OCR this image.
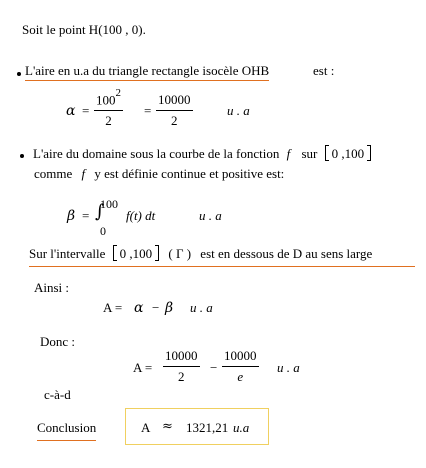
Soit le point H(100 , 0).
L'aire en u.a du triangle rectangle isocèle OHB	est :
$\alpha = \frac{100^2}{2} = \frac{10000}{2}$	u . a
L'aire du domaine sous la courbe de la fonction f sur 0 ,100
comme f y est définie continue et positive est:
β =
100
∫
0
f(t) dt	u . a
Sur l'intervalle 0 ,100 ( Γ ) est en dessous de D au sens large
Ainsi :
A = α − β u . a
Donc :
$A = \frac{10000}{2} - \frac{10000}{e}$ u . a
c-à-d
Conclusion	A ≈ 1321,21 u.a
